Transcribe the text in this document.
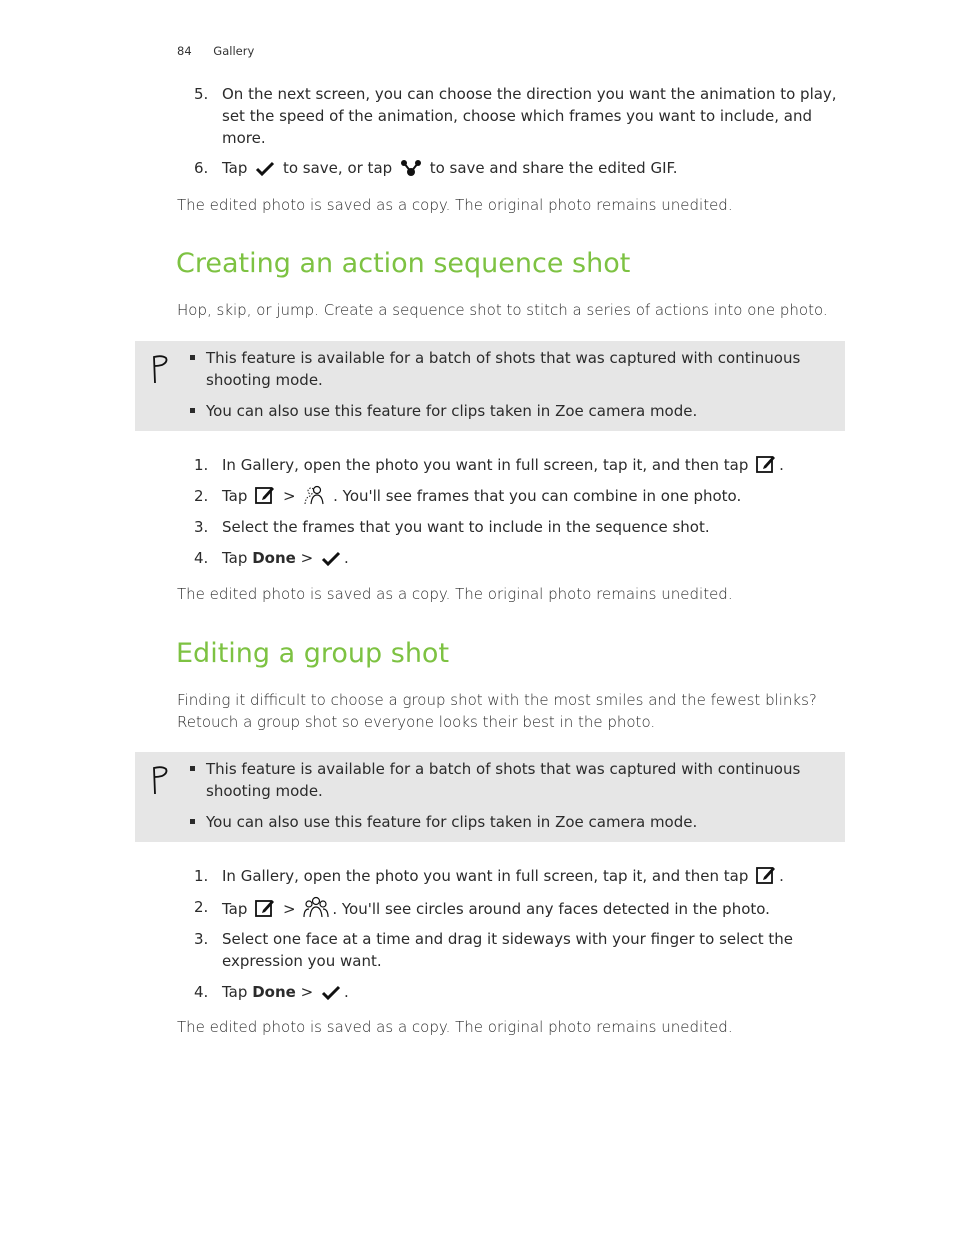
84 Gallery
5. On the next screen, you can choose the direction you want the animation to play, set the speed of the animation, choose which frames you want to include, and more.
6. Tap to save, or tap	to save and share the edited GIF.
The edited photo is saved as a copy. The original photo remains unedited.
Creating an action sequence shot
Hop, skip, or jump. Create a sequence shot to stitch a series of actions into one photo.
This feature is available for a batch of shots that was captured with continuous shooting mode.
You can also use this feature for clips taken in Zoe camera mode.
1. In Gallery, open the photo you want in full screen, tap it, and then tap .
2. Tap >	. You'll see frames that you can combine in one photo.
3. Select the frames that you want to include in the sequence shot.
4. Tap Done > .
The edited photo is saved as a copy. The original photo remains unedited.
Editing a group shot
Finding it difficult to choose a group shot with the most smiles and the fewest blinks? Retouch a group shot so everyone looks their best in the photo.
This feature is available for a batch of shots that was captured with continuous shooting mode.
You can also use this feature for clips taken in Zoe camera mode.
1. In Gallery, open the photo you want in full screen, tap it, and then tap .
2. Tap > . You'll see circles around any faces detected in the photo.
3. Select one face at a time and drag it sideways with your finger to select the expression you want.
4. Tap Done > .
The edited photo is saved as a copy. The original photo remains unedited.
